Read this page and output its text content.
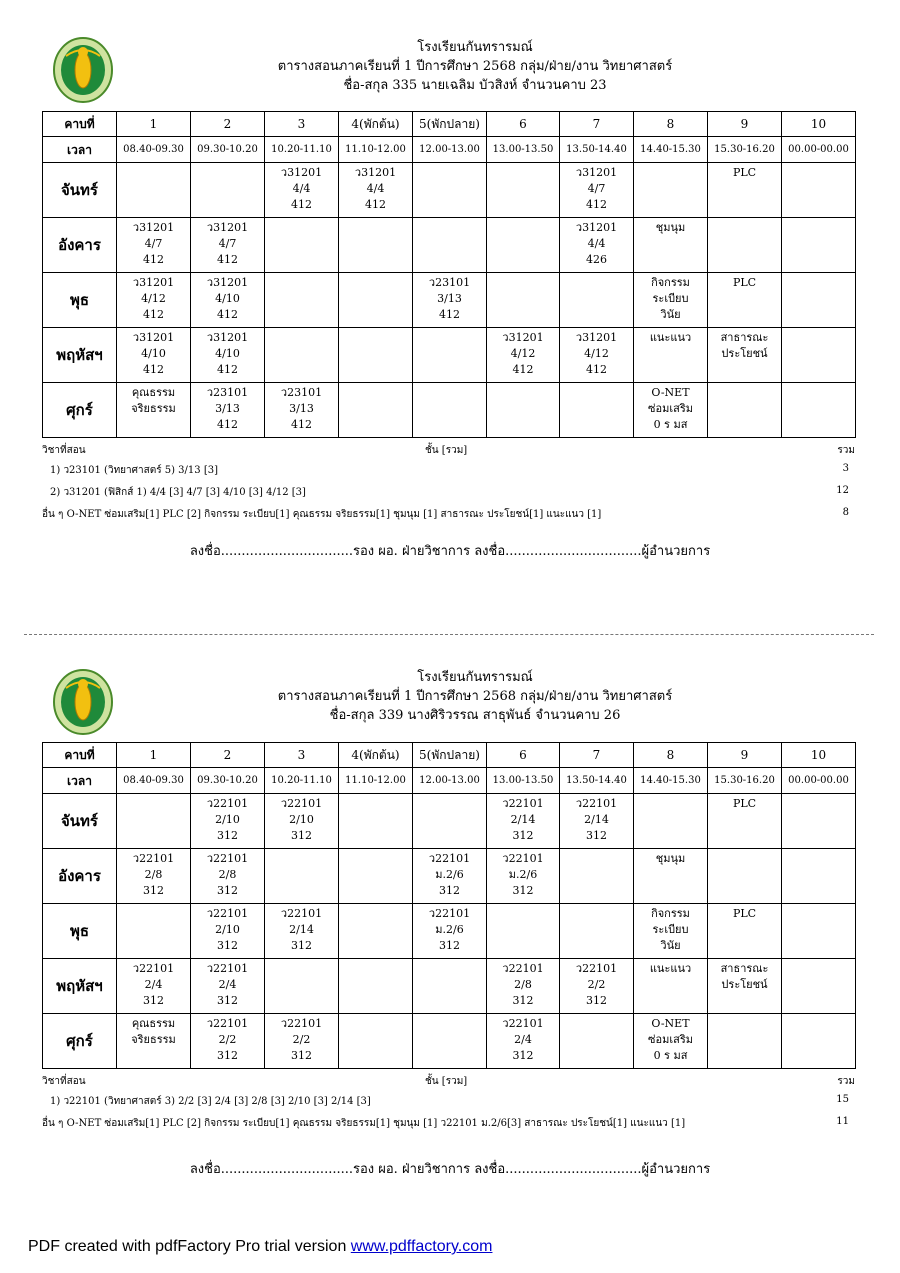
โรงเรียนกันทรารมณ์
ตารางสอนภาคเรียนที่ 1 ปีการศึกษา 2568 กลุ่ม/ฝ่าย/งาน วิทยาศาสตร์
ชื่อ-สกุล 335 นายเฉลิม บัวสิงห์ จำนวนคาบ 23
คาบที่	1	2	3	4(พักต้น)	5(พักปลาย)	6	7	8	9	10
เวลา	08.40-09.30	09.30-10.20	10.20-11.10	11.10-12.00	12.00-13.00	13.00-13.50	13.50-14.40	14.40-15.30	15.30-16.20	00.00-00.00
จันทร์			ว31201
4/4
412	ว31201
4/4
412			ว31201
4/7
412		PLC	

อังคาร	ว31201
4/7
412	ว31201
4/7
412					ว31201
4/4
426	ชุมนุม		

พุธ	ว31201
4/12
412	ว31201
4/10
412			ว23101
3/13
412			กิจกรรม
ระเบียบ
วินัย	PLC	

พฤหัสฯ	ว31201
4/10
412	ว31201
4/10
412				ว31201
4/12
412	ว31201
4/12
412	แนะแนว	สาธารณะ
ประโยชน์	

ศุกร์	คุณธรรม
จริยธรรม	ว23101
3/13
412	ว23101
3/13
412					O-NET
ซ่อมเสริม
0 ร มส		

วิชาที่สอน	ชั้น [รวม]	รวม
1) ว23101 (วิทยาศาสตร์ 5) 3/13 [3]	3
2) ว31201 (ฟิสิกส์ 1) 4/4 [3] 4/7 [3] 4/10 [3] 4/12 [3]	12
อื่น ๆ O-NET ซ่อมเสริม[1] PLC [2] กิจกรรม ระเบียบ[1] คุณธรรม จริยธรรม[1] ชุมนุม [1] สาธารณะ ประโยชน์[1] แนะแนว [1]	8
ลงชื่อ................................รอง ผอ. ฝ่ายวิชาการ ลงชื่อ.................................ผู้อำนวยการ
โรงเรียนกันทรารมณ์
ตารางสอนภาคเรียนที่ 1 ปีการศึกษา 2568 กลุ่ม/ฝ่าย/งาน วิทยาศาสตร์
ชื่อ-สกุล 339 นางศิริวรรณ สาธุพันธ์ จำนวนคาบ 26
คาบที่	1	2	3	4(พักต้น)	5(พักปลาย)	6	7	8	9	10
เวลา	08.40-09.30	09.30-10.20	10.20-11.10	11.10-12.00	12.00-13.00	13.00-13.50	13.50-14.40	14.40-15.30	15.30-16.20	00.00-00.00
จันทร์		ว22101
2/10
312	ว22101
2/10
312			ว22101
2/14
312	ว22101
2/14
312		PLC	

อังคาร	ว22101
2/8
312	ว22101
2/8
312			ว22101
ม.2/6
312	ว22101
ม.2/6
312		ชุมนุม		

พุธ		ว22101
2/10
312	ว22101
2/14
312		ว22101
ม.2/6
312			กิจกรรม
ระเบียบ
วินัย	PLC	

พฤหัสฯ	ว22101
2/4
312	ว22101
2/4
312				ว22101
2/8
312	ว22101
2/2
312	แนะแนว	สาธารณะ
ประโยชน์	

ศุกร์	คุณธรรม
จริยธรรม	ว22101
2/2
312	ว22101
2/2
312			ว22101
2/4
312		O-NET
ซ่อมเสริม
0 ร มส		

วิชาที่สอน	ชั้น [รวม]	รวม
1) ว22101 (วิทยาศาสตร์ 3) 2/2 [3] 2/4 [3] 2/8 [3] 2/10 [3] 2/14 [3]	15
อื่น ๆ O-NET ซ่อมเสริม[1] PLC [2] กิจกรรม ระเบียบ[1] คุณธรรม จริยธรรม[1] ชุมนุม [1] ว22101 ม.2/6[3] สาธารณะ ประโยชน์[1] แนะแนว [1]	11
ลงชื่อ................................รอง ผอ. ฝ่ายวิชาการ ลงชื่อ.................................ผู้อำนวยการ
PDF created with pdfFactory Pro trial version www.pdffactory.com
